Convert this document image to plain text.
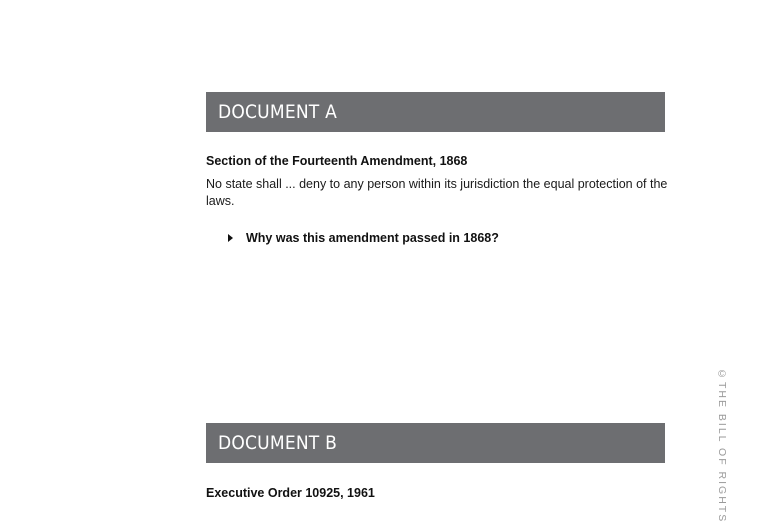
DOCUMENT A
Section of the Fourteenth Amendment, 1868
No state shall ... deny to any person within its jurisdiction the equal protection of the laws.
Why was this amendment passed in 1868?
DOCUMENT B
Executive Order 10925, 1961	©THE BILL OF RIGHTS
